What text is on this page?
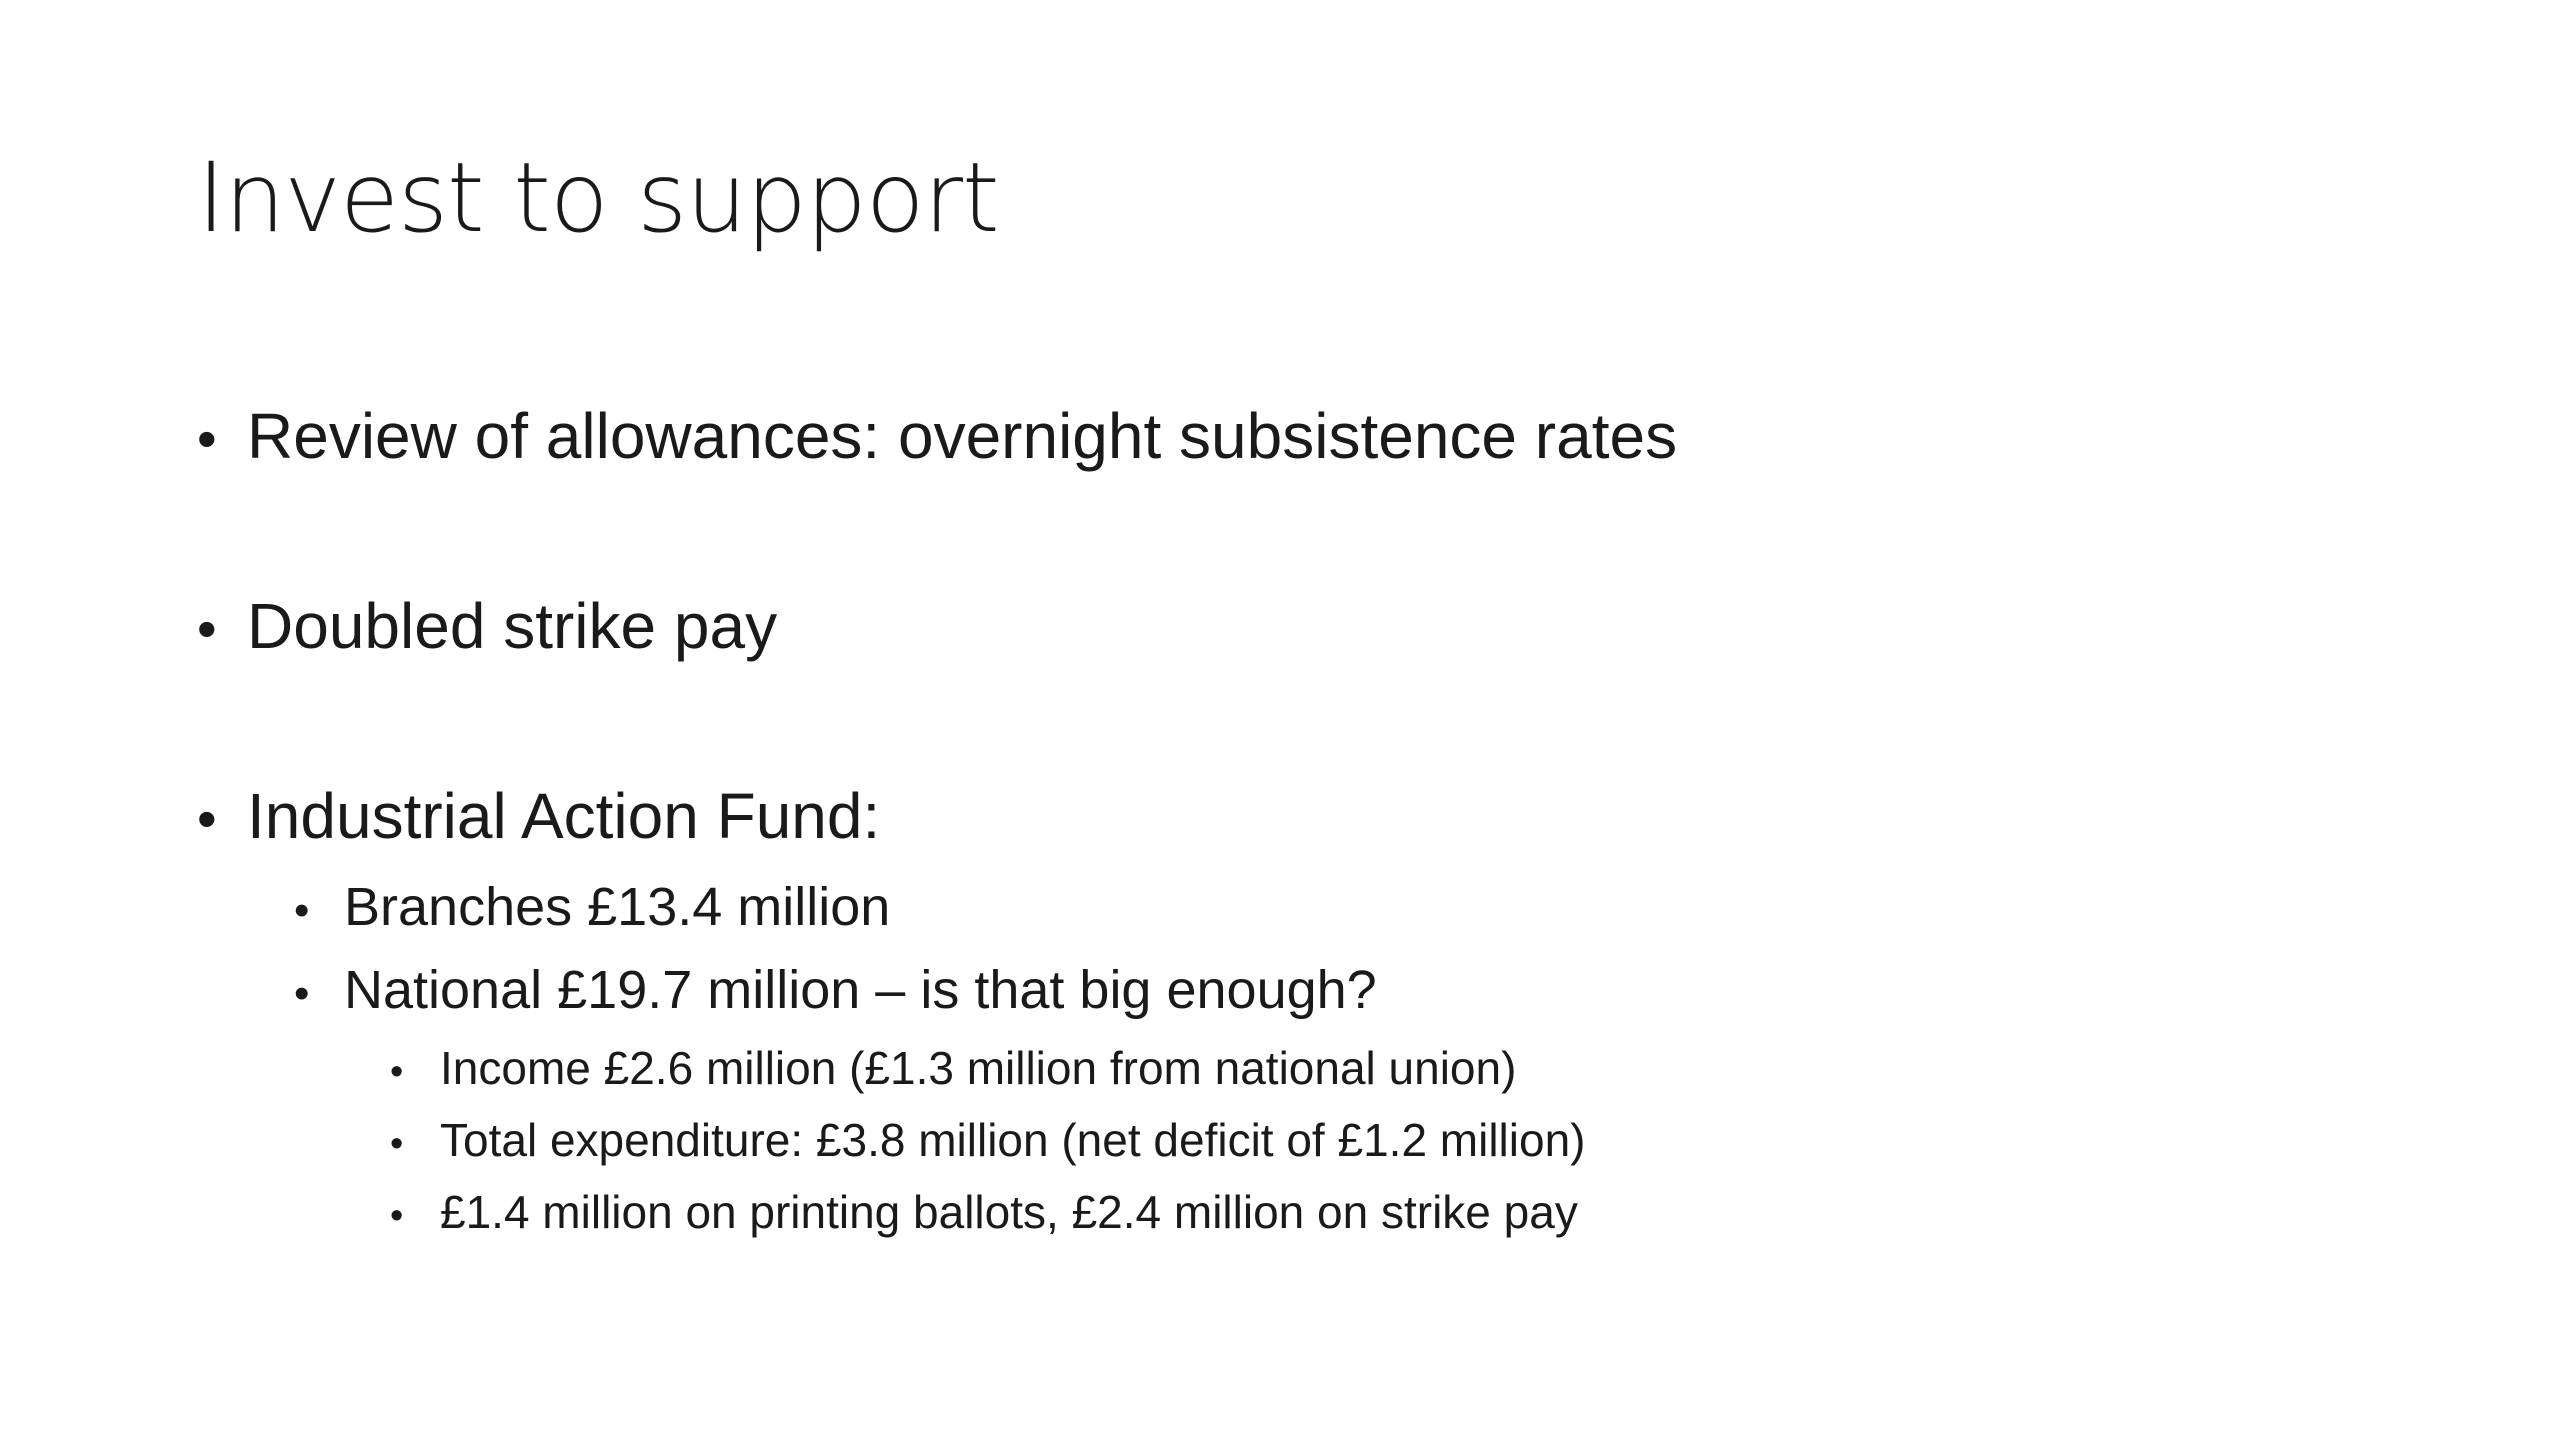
Invest to support
• Review of allowances: overnight subsistence rates
• Doubled strike pay
• Industrial Action Fund:
• Branches £13.4 million
• National £19.7 million – is that big enough?
• Income £2.6 million (£1.3 million from national union)
• Total expenditure: £3.8 million (net deficit of £1.2 million)
• £1.4 million on printing ballots, £2.4 million on strike pay
